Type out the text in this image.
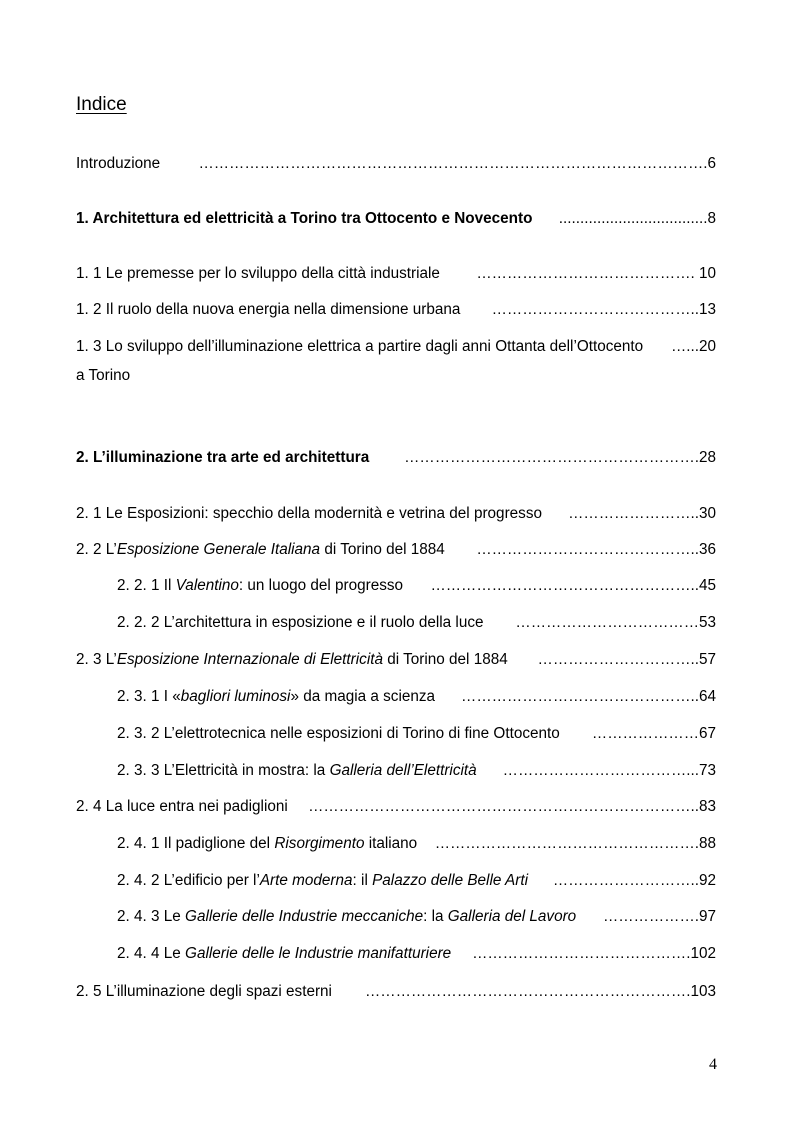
Indice
Introduzione ……………………………………………………………………………………….6
1. Architettura ed elettricità a Torino tra Ottocento e Novecento ...................................8
1. 1 Le premesse per lo sviluppo della città industriale ……………………………………. 10
1. 2 Il ruolo della nuova energia nella dimensione urbana …………………………………..13
1. 3 Lo sviluppo dell’illuminazione elettrica a partire dagli anni Ottanta dell’Ottocento …...20
a Torino
2. L’illuminazione tra arte ed architettura ………………………………………………….28
2. 1 Le Esposizioni: specchio della modernità e vetrina del progresso ……………………..30
2. 2 L’Esposizione Generale Italiana di Torino del 1884 ……………………………………..36
2. 2. 1 Il Valentino: un luogo del progresso ……………………………………………..45
2. 2. 2 L’architettura in esposizione e il ruolo della luce ………………………………53
2. 3 L’Esposizione Internazionale di Elettricità di Torino del 1884 …………………………..57
2. 3. 1 I «bagliori luminosi» da magia a scienza ………………………………………..64
2. 3. 2 L’elettrotecnica nelle esposizioni di Torino di fine Ottocento …………………67
2. 3. 3 L’Elettricità in mostra: la Galleria dell’Elettricità ………………………………...73
2. 4 La luce entra nei padiglioni …………………………………………………………………..83
2. 4. 1 Il padiglione del Risorgimento italiano …………………………………………….88
2. 4. 2 L’edificio per l’Arte moderna: il Palazzo delle Belle Arti ………………………..92
2. 4. 3 Le Gallerie delle Industrie meccaniche: la Galleria del Lavoro ……………….97
2. 4. 4 Le Gallerie delle le Industrie manifatturiere …………………………………….102
2. 5 L’illuminazione degli spazi esterni ……………………………………………………….103
4
